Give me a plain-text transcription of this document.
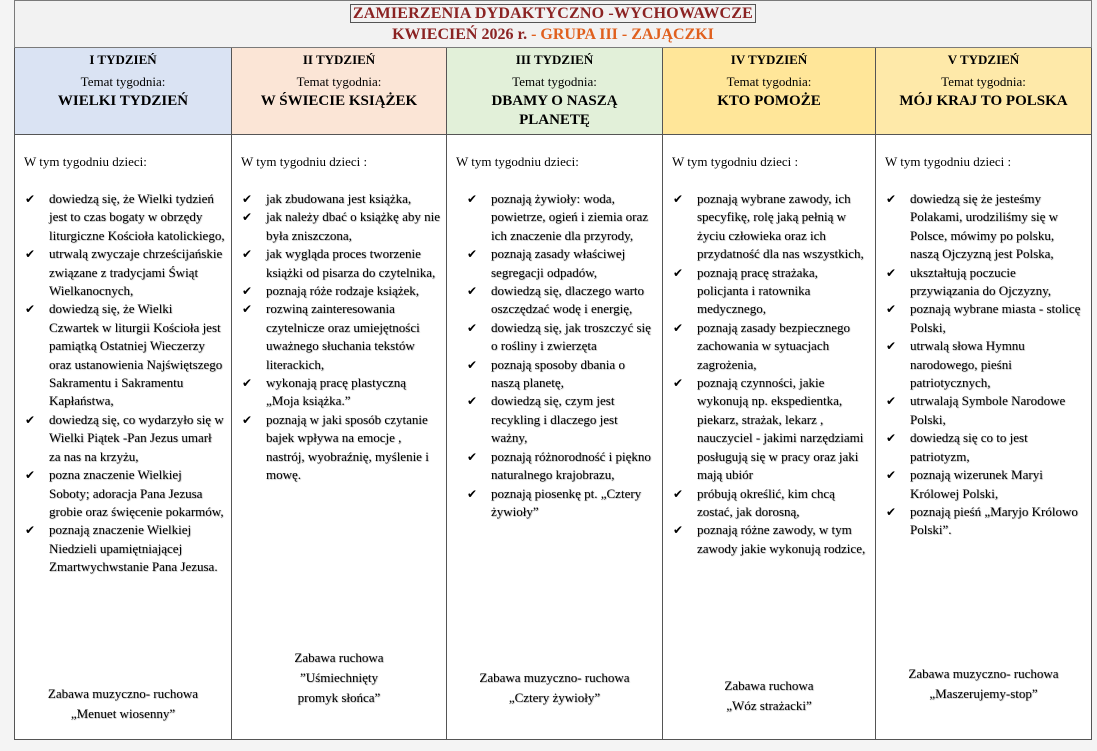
ZAMIERZENIA DYDAKTYCZNO -WYCHOWAWCZE
KWIECIEŃ 2026 r. - GRUPA III - ZAJĄCZKI
I TYDZIEŃ
Temat tygodnia:
WIELKI TYDZIEŃ
W tym tygodniu dzieci:
✔ dowiedzą się, że Wielki tydzień jest to czas bogaty w obrzędy liturgiczne Kościoła katolickiego,
✔ utrwalą zwyczaje chrześcijańskie związane z tradycjami Świąt Wielkanocnych,
✔ dowiedzą się, że Wielki Czwartek w liturgii Kościoła jest pamiątką Ostatniej Wieczerzy oraz ustanowienia Najświętszego Sakramentu i Sakramentu Kapłaństwa,
✔ dowiedzą się, co wydarzyło się w Wielki Piątek -Pan Jezus umarł za nas na krzyżu,
✔ pozna znaczenie Wielkiej Soboty; adoracja Pana Jezusa grobie oraz święcenie pokarmów,
✔ poznają znaczenie Wielkiej Niedzieli upamiętniającej Zmartwychwstanie Pana Jezusa.
Zabawa muzyczno- ruchowa
„Menuet wiosenny”
II TYDZIEŃ
Temat tygodnia:
W ŚWIECIE KSIĄŻEK
W tym tygodniu dzieci :
✔ jak zbudowana jest książka,
✔ jak należy dbać o książkę aby nie była zniszczona,
✔ jak wygląda proces tworzenie książki od pisarza do czytelnika,
✔ poznają róże rodzaje książek,
✔ rozwiną zainteresowania czytelnicze oraz umiejętności uważnego słuchania tekstów literackich,
✔ wykonają pracę plastyczną „Moja książka.”
✔ poznają w jaki sposób czytanie bajek wpływa na emocje , nastrój, wyobraźnię, myślenie i mowę.
Zabawa ruchowa
”Uśmiechnięty promyk słońca”
III TYDZIEŃ
Temat tygodnia:
DBAMY O NASZĄ PLANETĘ
W tym tygodniu dzieci:
✔ poznają żywioły: woda, powietrze, ogień i ziemia oraz ich znaczenie dla przyrody,
✔ poznają zasady właściwej segregacji odpadów,
✔ dowiedzą się, dlaczego warto oszczędzać wodę i energię,
✔ dowiedzą się, jak troszczyć się o rośliny i zwierzęta
✔ poznają sposoby dbania o naszą planetę,
✔ dowiedzą się, czym jest recykling i dlaczego jest ważny,
✔ poznają różnorodność i piękno naturalnego krajobrazu,
✔ poznają piosenkę pt. „Cztery żywioły”
Zabawa muzyczno- ruchowa
„Cztery żywioły”
IV TYDZIEŃ
Temat tygodnia:
KTO POMOŻE
W tym tygodniu dzieci :
✔ poznają wybrane zawody, ich specyfikę, rolę jaką pełnią w życiu człowieka oraz ich przydatność dla nas wszystkich,
✔ poznają pracę strażaka, policjanta i ratownika medycznego,
✔ poznają zasady bezpiecznego zachowania w sytuacjach zagrożenia,
✔ poznają czynności, jakie wykonują np. ekspedientka, piekarz, strażak, lekarz , nauczyciel - jakimi narzędziami posługują się w pracy oraz jaki mają ubiór
✔ próbują określić, kim chcą zostać, jak dorosną,
✔ poznają różne zawody, w tym zawody jakie wykonują rodzice,
Zabawa ruchowa
„Wóz strażacki”
V TYDZIEŃ
Temat tygodnia:
MÓJ KRAJ TO POLSKA
W tym tygodniu dzieci :
✔ dowiedzą się że jesteśmy Polakami, urodziliśmy się w Polsce, mówimy po polsku, naszą Ojczyzną jest Polska,
✔ ukształtują poczucie przywiązania do Ojczyzny,
✔ poznają wybrane miasta - stolicę Polski,
✔ utrwalą słowa Hymnu narodowego, pieśni patriotycznych,
✔ utrwalają Symbole Narodowe Polski,
✔ dowiedzą się co to jest patriotyzm,
✔ poznają wizerunek Maryi Królowej Polski,
✔ poznają pieśń „Maryjo Królowo Polski”.
Zabawa muzyczno- ruchowa
„Maszerujemy-stop”
